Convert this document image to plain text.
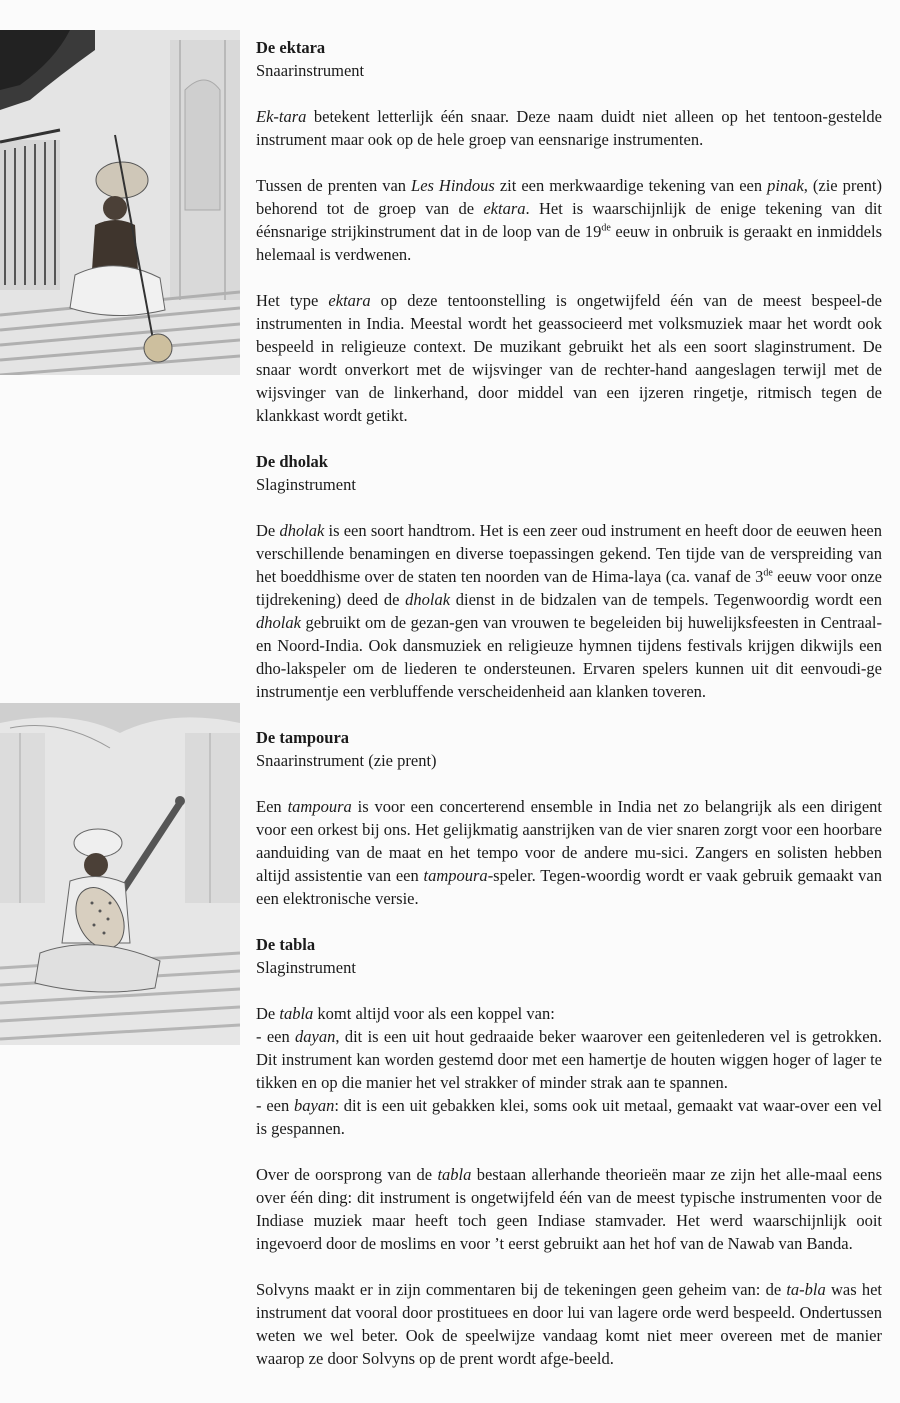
De ektara
Snaarinstrument

Ek-tara betekent letterlijk één snaar. Deze naam duidt niet alleen op het tentoon-gestelde instrument maar ook op de hele groep van eensnarige instrumenten.

Tussen de prenten van Les Hindous zit een merkwaardige tekening van een pinak, (zie prent) behorend tot de groep van de ektara. Het is waarschijnlijk de enige tekening van dit éénsnarige strijkinstrument dat in de loop van de 19de eeuw in onbruik is geraakt en inmiddels helemaal is verdwenen.

Het type ektara op deze tentoonstelling is ongetwijfeld één van de meest bespeel-de instrumenten in India. Meestal wordt het geassocieerd met volksmuziek maar het wordt ook bespeeld in religieuze context. De muzikant gebruikt het als een soort slaginstrument. De snaar wordt onverkort met de wijsvinger van de rechter-hand aangeslagen terwijl met de wijsvinger van de linkerhand, door middel van een ijzeren ringetje, ritmisch tegen de klankkast wordt getikt.

De dholak
Slaginstrument

De dholak is een soort handtrom. Het is een zeer oud instrument en heeft door de eeuwen heen verschillende benamingen en diverse toepassingen gekend. Ten tijde van de verspreiding van het boeddhisme over de staten ten noorden van de Hima-laya (ca. vanaf de 3de eeuw voor onze tijdrekening) deed de dholak dienst in de bidzalen van de tempels. Tegenwoordig wordt een dholak gebruikt om de gezan-gen van vrouwen te begeleiden bij huwelijksfeesten in Centraal- en Noord-India. Ook dansmuziek en religieuze hymnen tijdens festivals krijgen dikwijls een dho-lakspeler om de liederen te ondersteunen. Ervaren spelers kunnen uit dit eenvoudi-ge instrumentje een verbluffende verscheidenheid aan klanken toveren.

De tampoura
Snaarinstrument (zie prent)

Een tampoura is voor een concerterend ensemble in India net zo belangrijk als een dirigent voor een orkest bij ons. Het gelijkmatig aanstrijken van de vier snaren zorgt voor een hoorbare aanduiding van de maat en het tempo voor de andere mu-sici. Zangers en solisten hebben altijd assistentie van een tampoura-speler. Tegen-woordig wordt er vaak gebruik gemaakt van een elektronische versie.

De tabla
Slaginstrument

De tabla komt altijd voor als een koppel van:

- een dayan, dit is een uit hout gedraaide beker waarover een geitenlederen vel is getrokken. Dit instrument kan worden gestemd door met een hamertje de houten wiggen hoger of lager te tikken en op die manier het vel strakker of minder strak aan te spannen.

- een bayan: dit is een uit gebakken klei, soms ook uit metaal, gemaakt vat waar-over een vel is gespannen.

Over de oorsprong van de tabla bestaan allerhande theorieën maar ze zijn het alle-maal eens over één ding: dit instrument is ongetwijfeld één van de meest typische instrumenten voor de Indiase muziek maar heeft toch geen Indiase stamvader. Het werd waarschijnlijk ooit ingevoerd door de moslims en voor ’t eerst gebruikt aan het hof van de Nawab van Banda.

Solvyns maakt er in zijn commentaren bij de tekeningen geen geheim van: de ta-bla was het instrument dat vooral door prostituees en door lui van lagere orde werd bespeeld. Ondertussen weten we wel beter. Ook de speelwijze vandaag komt niet meer overeen met de manier waarop ze door Solvyns op de prent wordt afge-beeld.
